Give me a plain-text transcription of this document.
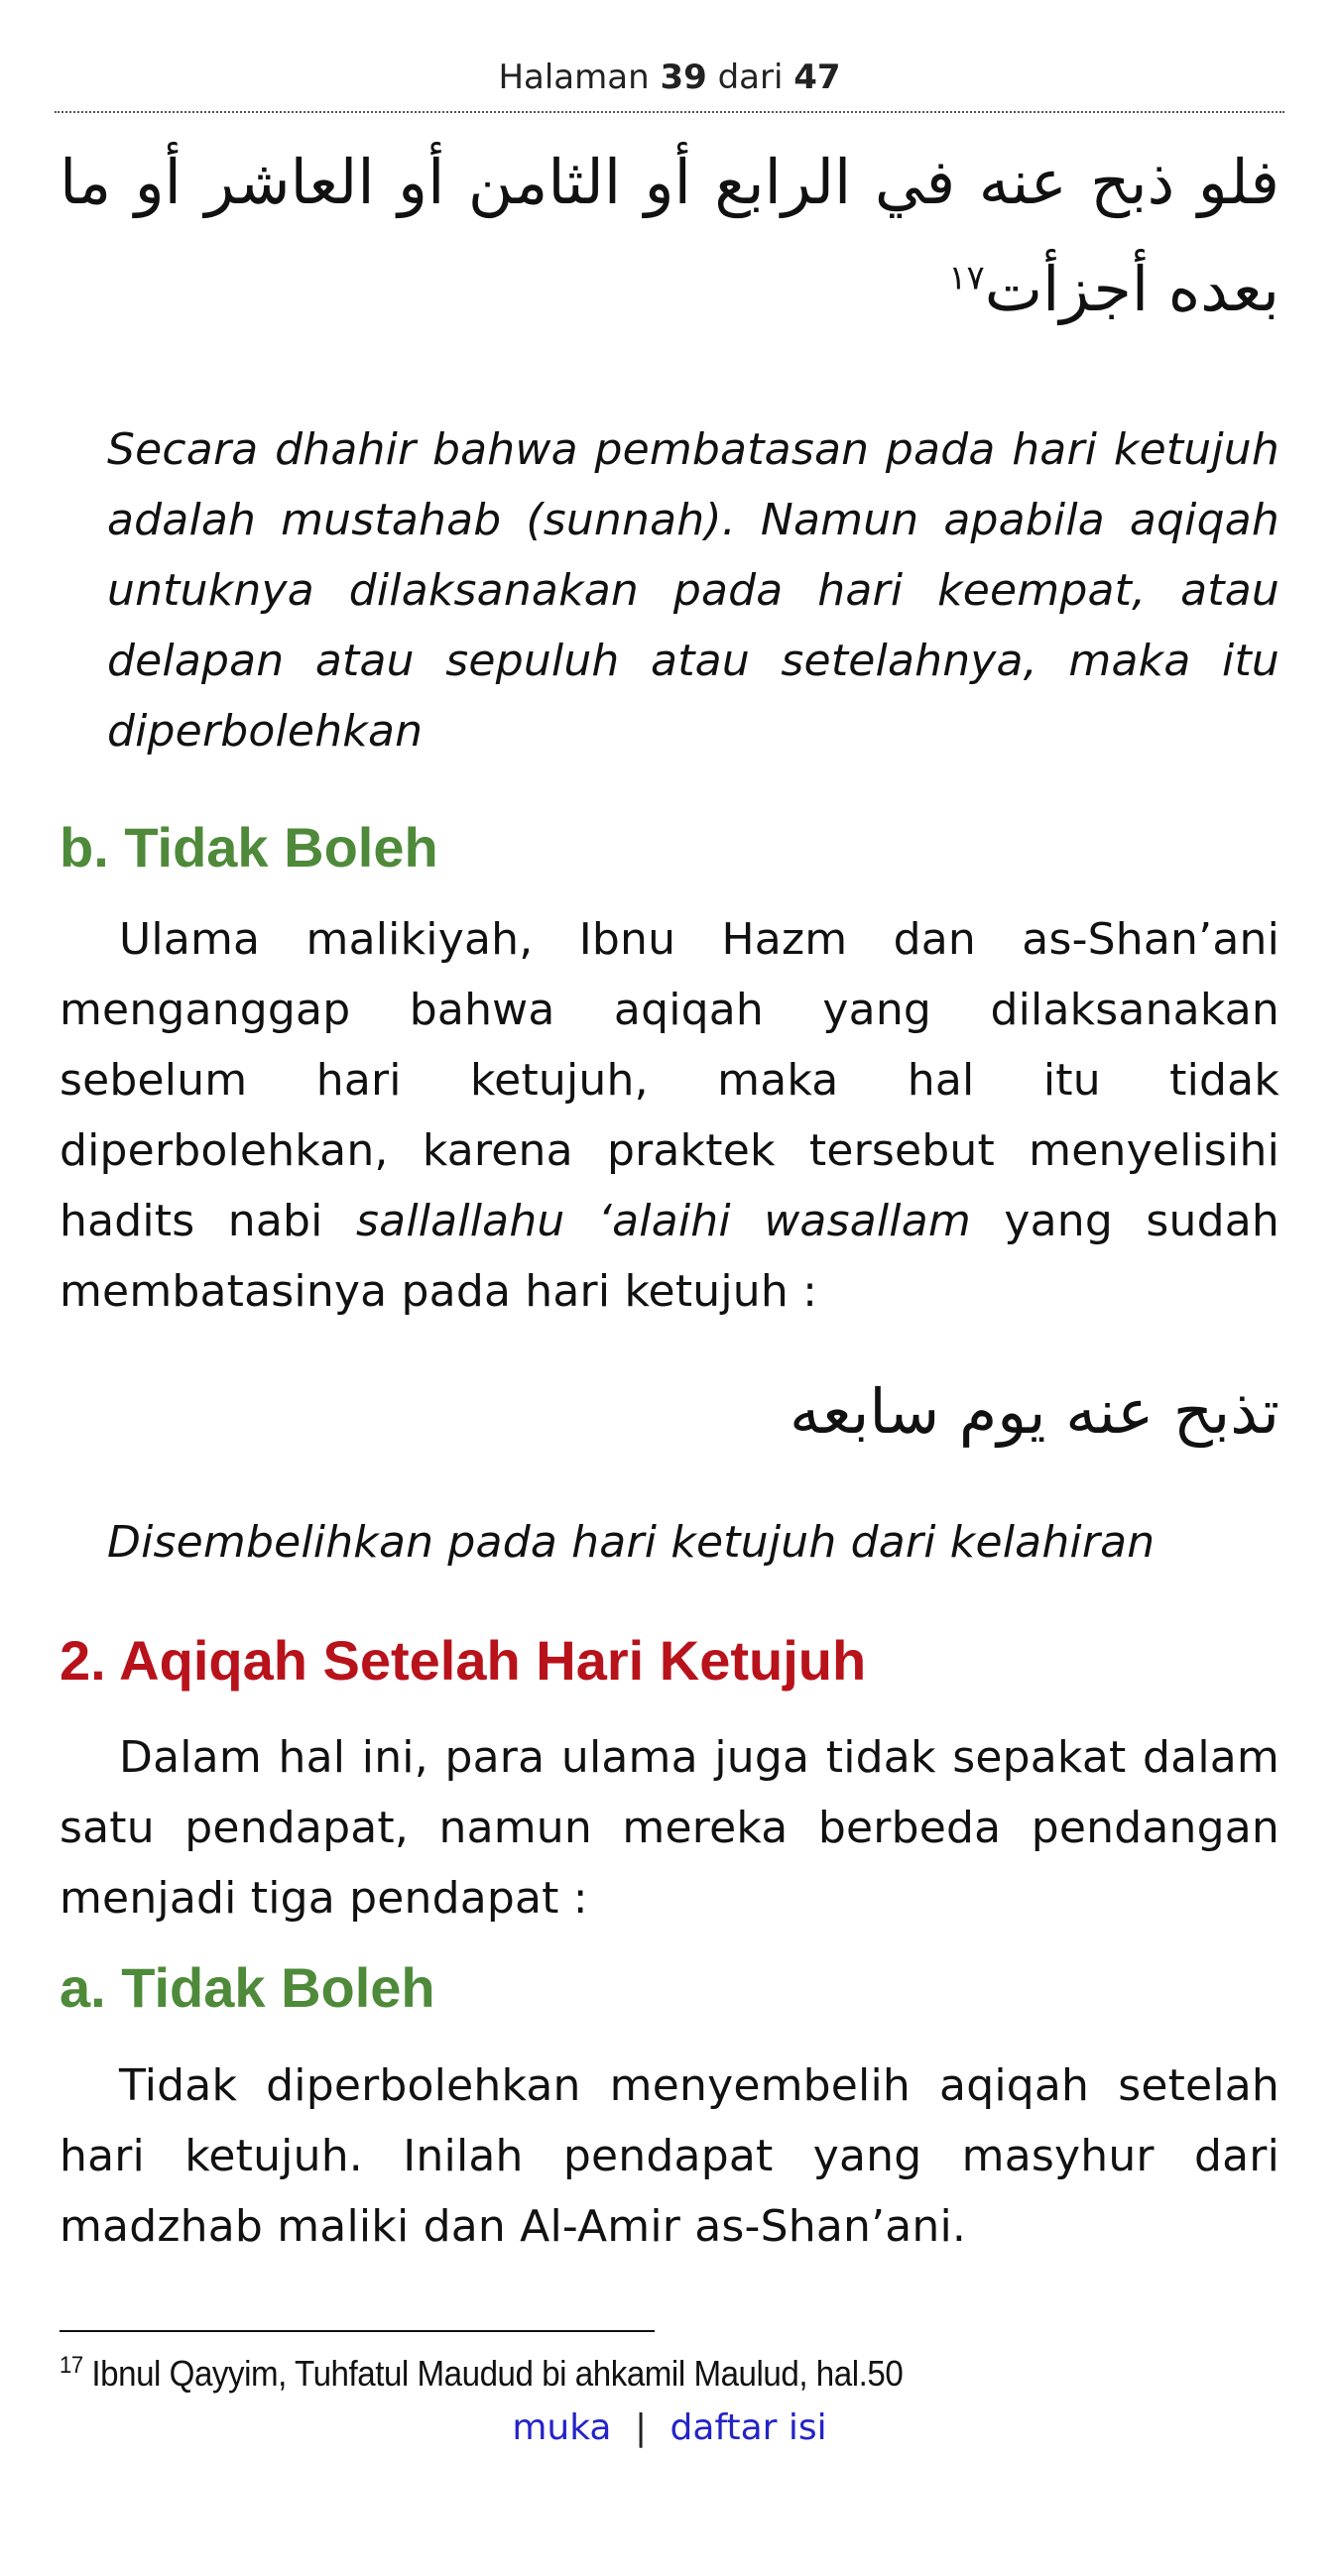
Halaman 39 dari 47
فلو ذبح عنه في الرابع أو الثامن أو العاشر أو ما بعده أجزأت$^{١٧}$
Secara dhahir bahwa pembatasan pada hari ketujuh adalah mustahab (sunnah). Namun apabila aqiqah untuknya dilaksanakan pada hari keempat, atau delapan atau sepuluh atau setelahnya, maka itu diperbolehkan
b. Tidak Boleh
Ulama malikiyah, Ibnu Hazm dan as-Shan’ani menganggap bahwa aqiqah yang dilaksanakan sebelum hari ketujuh, maka hal itu tidak diperbolehkan, karena praktek tersebut menyelisihi hadits nabi sallallahu ‘alaihi wasallam yang sudah membatasinya pada hari ketujuh :
تذبح عنه يوم سابعه
Disembelihkan pada hari ketujuh dari kelahiran
2. Aqiqah Setelah Hari Ketujuh
Dalam hal ini, para ulama juga tidak sepakat dalam satu pendapat, namun mereka berbeda pendangan menjadi tiga pendapat :
a. Tidak Boleh
Tidak diperbolehkan menyembelih aqiqah setelah hari ketujuh. Inilah pendapat yang masyhur dari madzhab maliki dan Al-Amir as-Shan’ani.
$^{17}$ Ibnul Qayyim, Tuhfatul Maudud bi ahkamil Maulud, hal.50
muka | daftar isi
